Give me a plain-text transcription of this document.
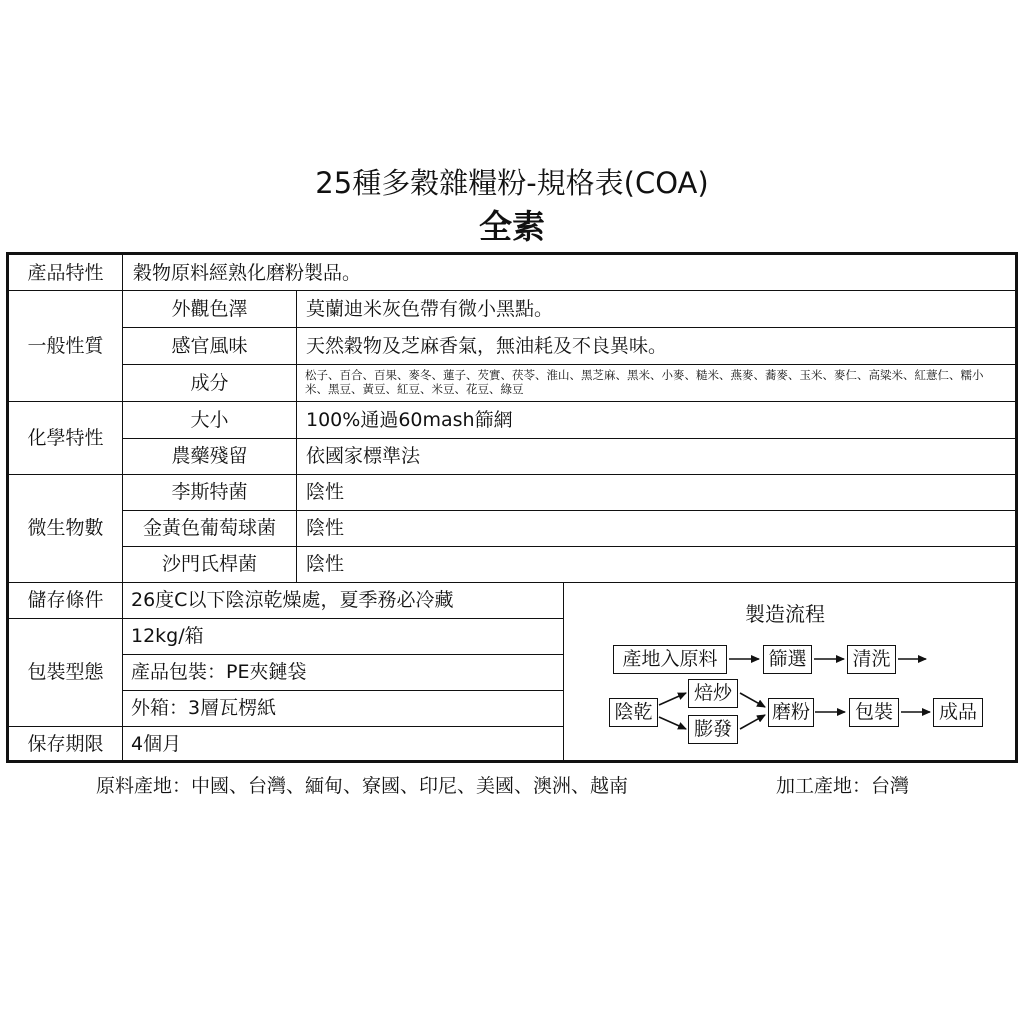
25種多穀雜糧粉-規格表(COA)
全素
產品特性	穀物原料經熟化磨粉製品。
一般性質
外觀色澤	莫蘭迪米灰色帶有微小黑點。
感官風味	天然穀物及芝麻香氣，無油耗及不良異味。
成分	松子、百合、百果、麥冬、蓮子、芡實、茯苓、淮山、黑芝麻、黑米、小麥、糙米、燕麥、蕎麥、玉米、麥仁、高粱米、紅薏仁、糯小米、黑豆、黃豆、紅豆、米豆、花豆、綠豆
化學特性
大小	100%通過60mash篩網
農藥殘留	依國家標準法
微生物數
李斯特菌	陰性
金黃色葡萄球菌	陰性
沙門氏桿菌	陰性
儲存條件	26度C以下陰涼乾燥處，夏季務必冷藏
包裝型態
12kg/箱
產品包裝：PE夾鏈袋
外箱：3層瓦楞紙
保存期限	4個月
製造流程
產地入原料	篩選 清洗
陰乾
焙炒
膨發
磨粉	包裝	成品
原料產地：中國、台灣、緬甸、寮國、印尼、美國、澳洲、越南	加工產地：台灣
